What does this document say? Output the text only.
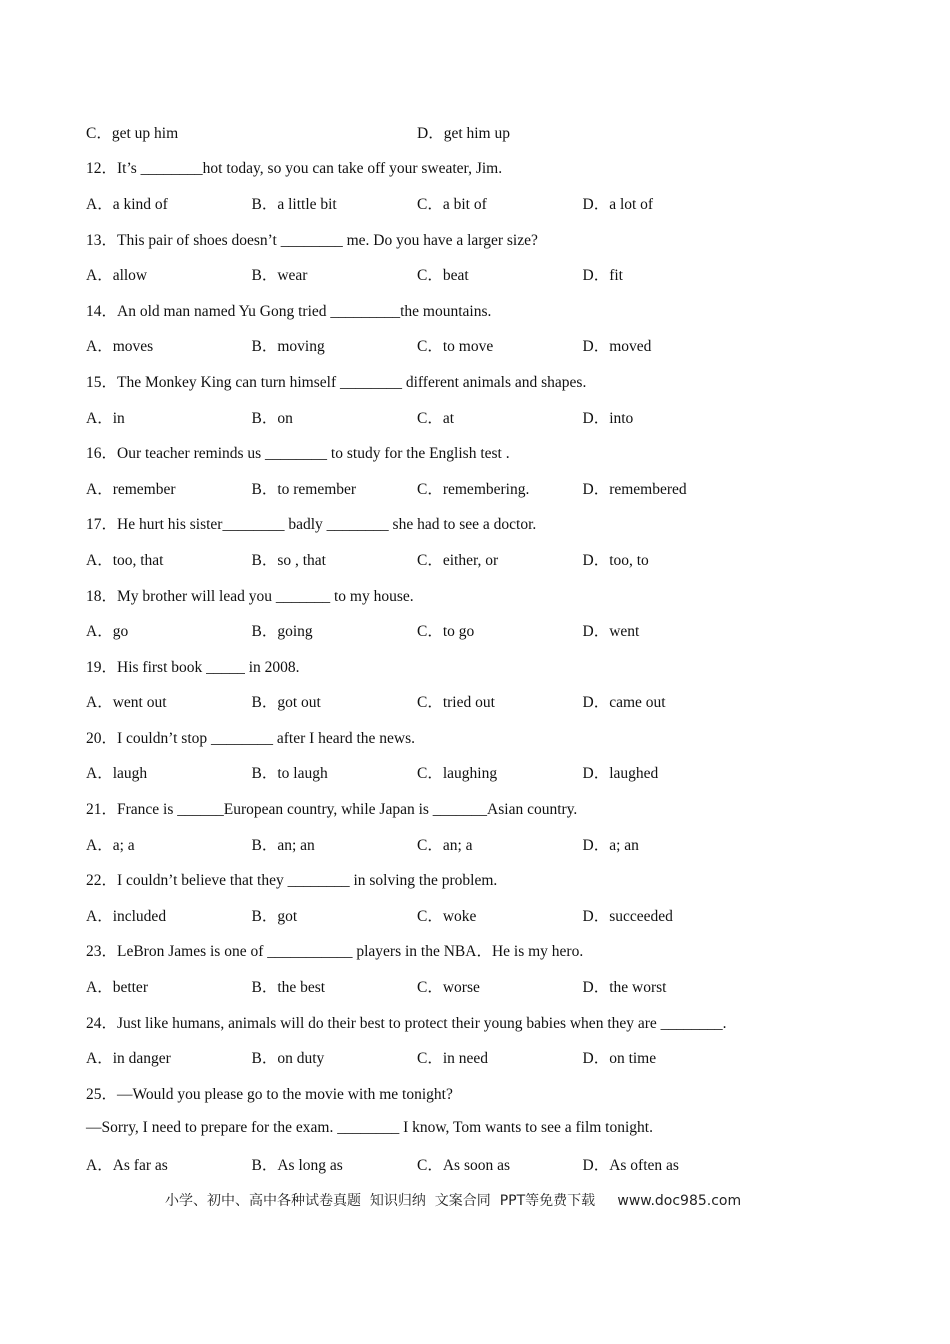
C．get up him	D．get him up
12．It’s ________hot today, so you can take off your sweater, Jim.
A．a kind of	B．a little bit	C．a bit of	D．a lot of
13．This pair of shoes doesn’t ________ me. Do you have a larger size?
A．allow	B．wear	C．beat	D．fit
14．An old man named Yu Gong tried _________the mountains.
A．moves	B．moving	C．to move	D．moved
15．The Monkey King can turn himself ________ different animals and shapes.
A．in	B．on	C．at	D．into
16．Our teacher reminds us ________ to study for the English test .
A．remember	B．to remember	C．remembering.	D．remembered
17．He hurt his sister________ badly ________ she had to see a doctor.
A．too, that	B．so , that	C．either, or	D．too, to
18．My brother will lead you _______ to my house.
A．go	B．going	C．to go	D．went
19．His first book _____ in 2008.
A．went out	B．got out	C．tried out	D．came out
20．I couldn’t stop ________ after I heard the news.
A．laugh	B．to laugh	C．laughing	D．laughed
21．France is ______European country, while Japan is _______Asian country.
A．a; a	B．an; an	C．an; a	D．a; an
22．I couldn’t believe that they ________ in solving the problem.
A．included	B．got	C．woke	D．succeeded
23．LeBron James is one of ___________ players in the NBA．He is my hero.
A．better	B．the best	C．worse	D．the worst
24．Just like humans, animals will do their best to protect their young babies when they are ________.
A．in danger	B．on duty	C．in need	D．on time
25．—Would you please go to the movie with me tonight?
—Sorry, I need to prepare for the exam. ________ I know, Tom wants to see a film tonight.
A．As far as	B．As long as	C．As soon as	D．As often as
小学、初中、高中各种试卷真题  知识归纳  文案合同  PPT等免费下载     www.doc985.com
